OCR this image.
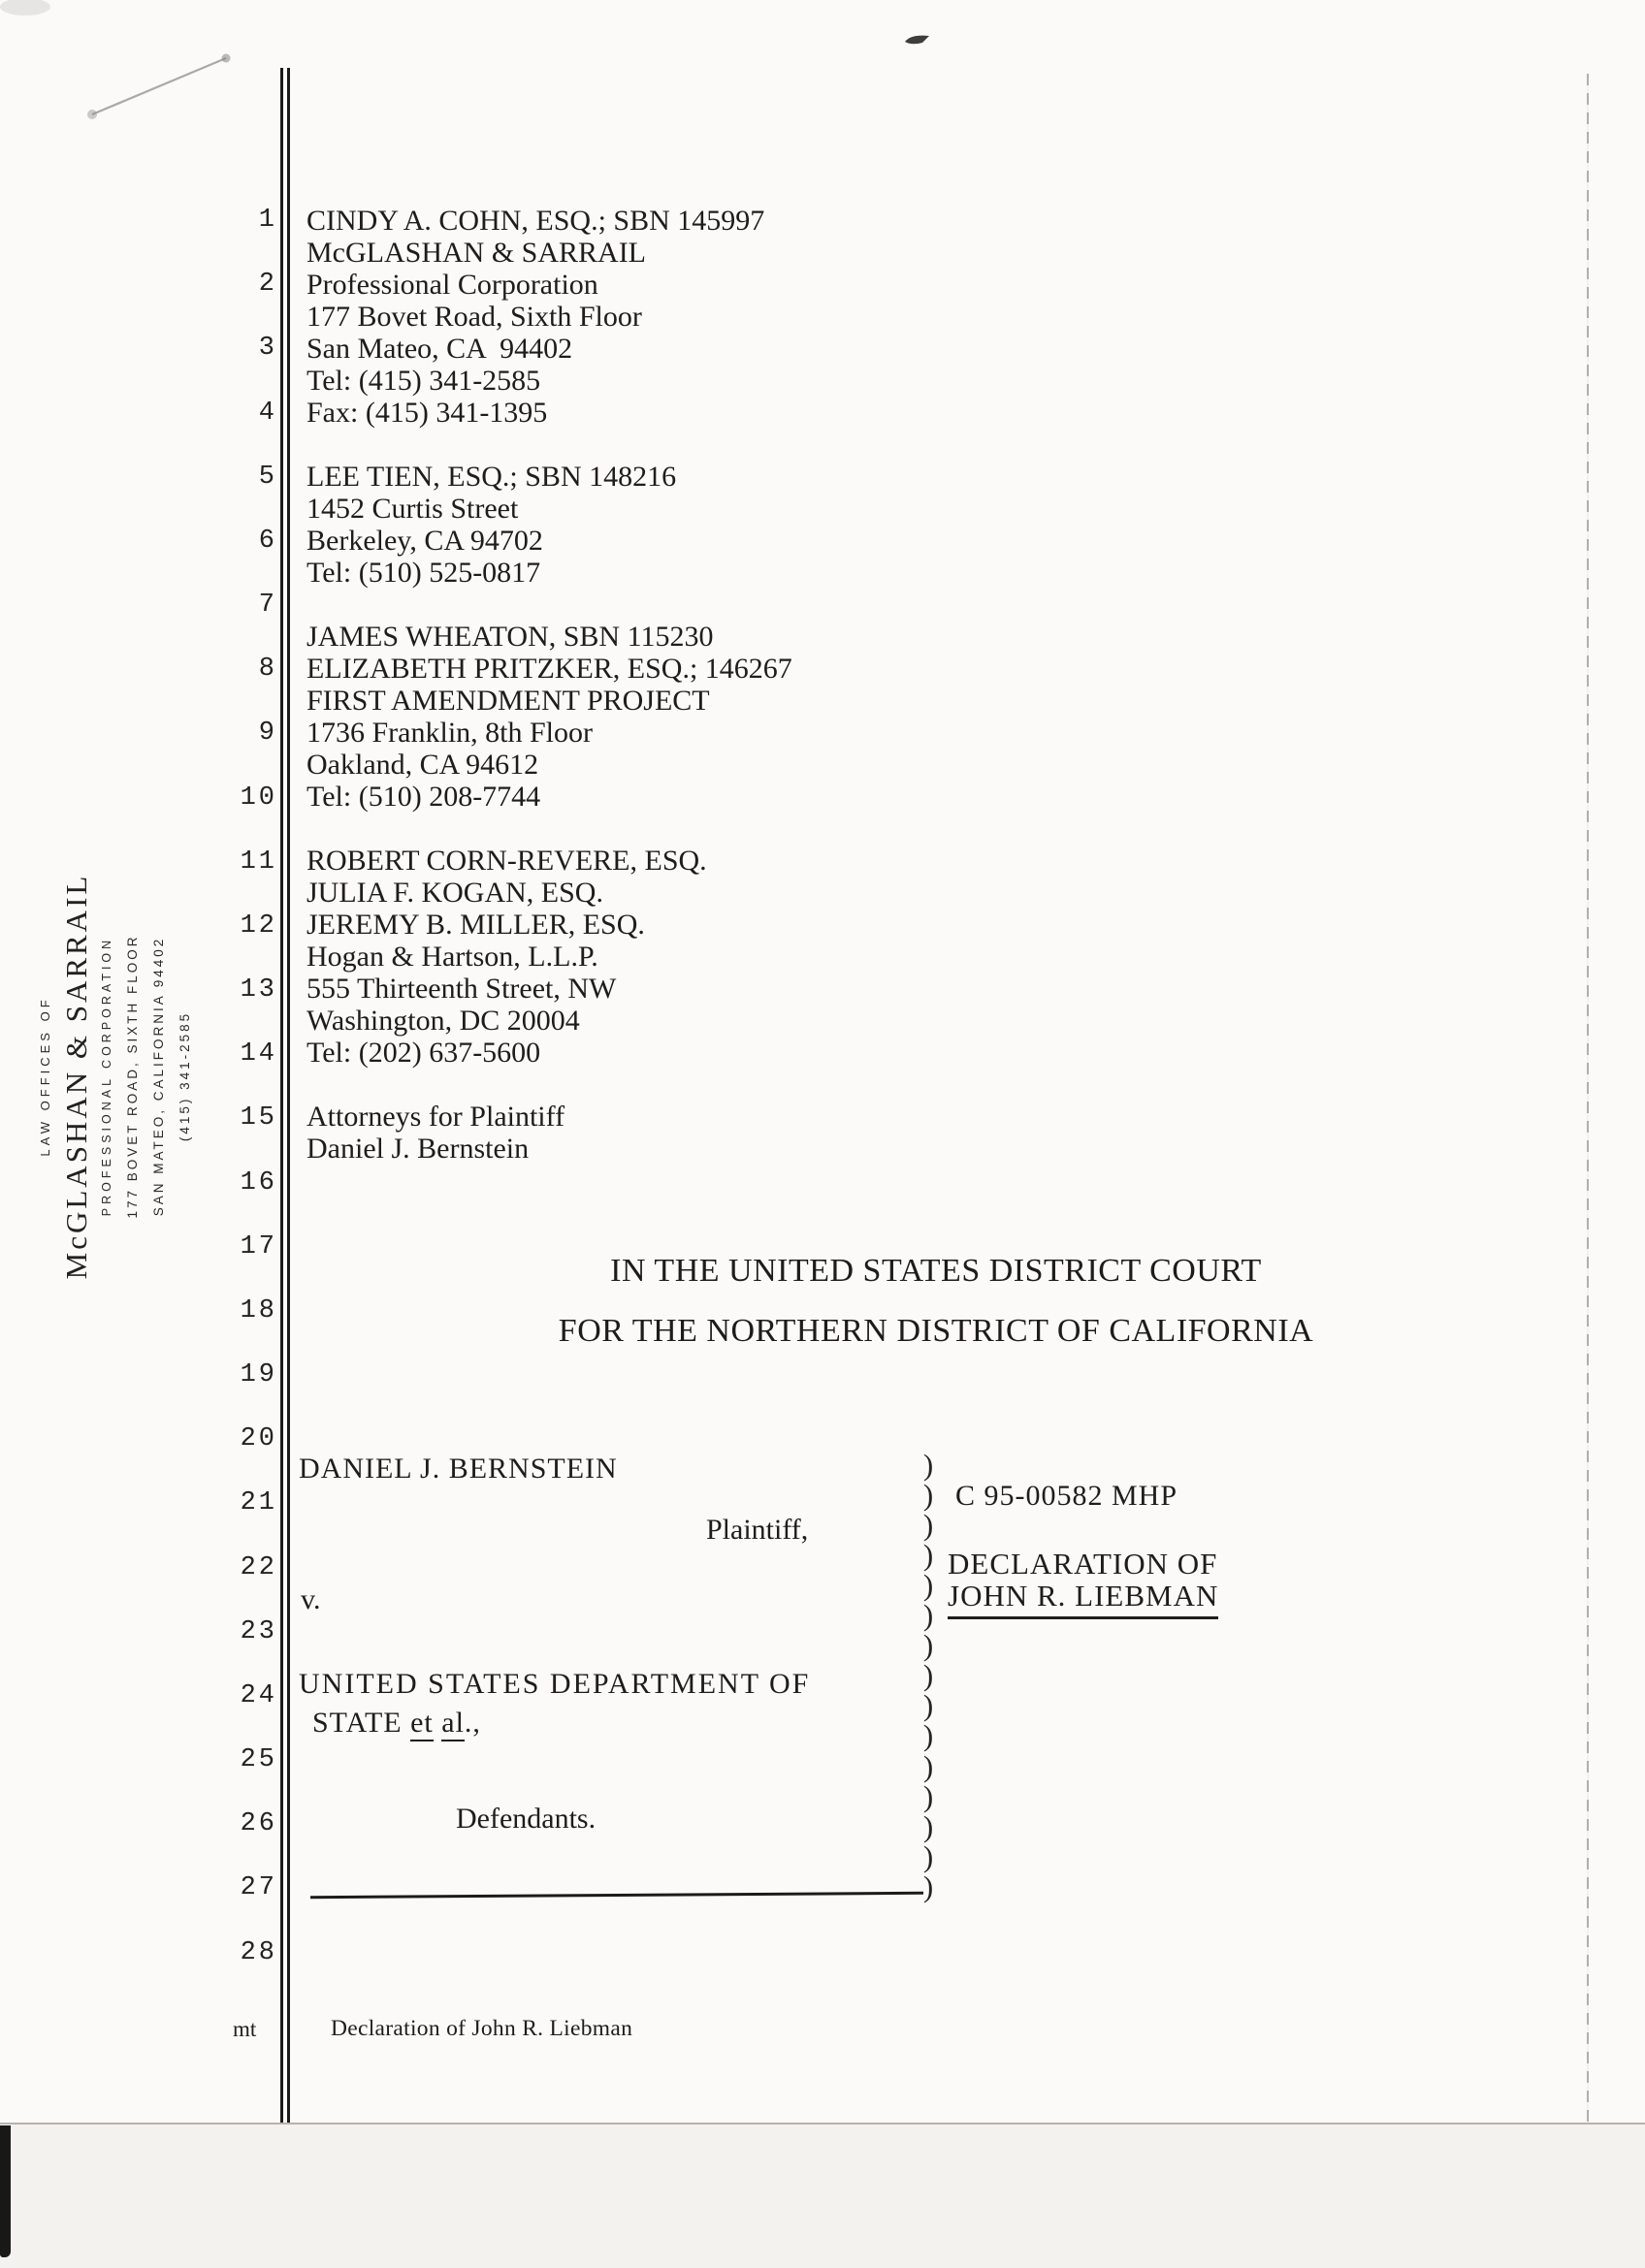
LAW OFFICES OF McGLASHAN & SARRAIL PROFESSIONAL CORPORATION 177 BOVET ROAD, SIXTH FLOOR SAN MATEO, CALIFORNIA 94402 (415) 341-2585
1
2
3
4
5
6
7
8
9
10
11
12
13
14
15
16
17
18
19
20
21
22
23
24
25
26
27
28
CINDY A. COHN, ESQ.; SBN 145997
McGLASHAN & SARRAIL
Professional Corporation
177 Bovet Road, Sixth Floor
San Mateo, CA  94402
Tel: (415) 341-2585
Fax: (415) 341-1395
LEE TIEN, ESQ.; SBN 148216
1452 Curtis Street
Berkeley, CA 94702
Tel: (510) 525-0817
JAMES WHEATON, SBN 115230
ELIZABETH PRITZKER, ESQ.; 146267
FIRST AMENDMENT PROJECT
1736 Franklin, 8th Floor
Oakland, CA 94612
Tel: (510) 208-7744
ROBERT CORN-REVERE, ESQ.
JULIA F. KOGAN, ESQ.
JEREMY B. MILLER, ESQ.
Hogan & Hartson, L.L.P.
555 Thirteenth Street, NW
Washington, DC 20004
Tel: (202) 637-5600
Attorneys for Plaintiff
Daniel J. Bernstein
IN THE UNITED STATES DISTRICT COURT
FOR THE NORTHERN DISTRICT OF CALIFORNIA
DANIEL J. BERNSTEIN
Plaintiff,
v.
UNITED STATES DEPARTMENT OF
STATE et al.,
Defendants.
)
)
)
)
)
)
)
)
)
)
)
)
)
)
)
C 95-00582 MHP
DECLARATION OF
JOHN R. LIEBMAN
mt	Declaration of John R. Liebman
